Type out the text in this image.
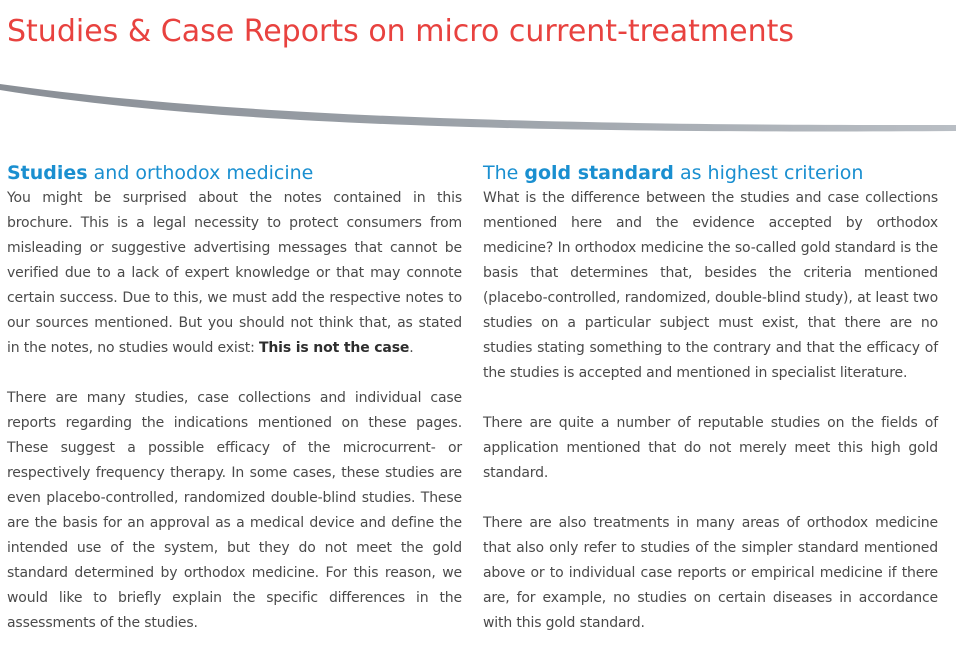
Studies & Case Reports on micro current-treatments
Studies and orthodox medicine

You might be surprised about the notes contained in this brochure. This is a legal necessity to protect consumers from misleading or suggestive advertising messages that cannot be verified due to a lack of expert knowledge or that may connote certain success. Due to this, we must add the respective notes to our sources mentioned. But you should not think that, as stated in the notes, no studies would exist: This is not the case.

There are many studies, case collections and individual case reports regarding the indications mentioned on these pages. These suggest a possible efficacy of the microcurrent- or respectively frequency therapy. In some cases, these studies are even placebo-controlled, randomized double-blind studies. These are the basis for an approval as a medical device and define the intended use of the system, but they do not meet the gold standard determined by orthodox medicine. For this reason, we would like to briefly explain the specific differences in the assessments of the studies.

The gold standard as highest criterion

What is the difference between the studies and case collections mentioned here and the evidence accepted by orthodox medicine? In orthodox medicine the so-called gold standard is the basis that determines that, besides the criteria mentioned (placebo-controlled, randomized, double-blind study), at least two studies on a particular subject must exist, that there are no studies stating something to the contrary and that the efficacy of the studies is accepted and mentioned in specialist literature.

There are quite a number of reputable studies on the fields of application mentioned that do not merely meet this high gold standard.

There are also treatments in many areas of orthodox medicine that also only refer to studies of the simpler standard mentioned above or to individual case reports or empirical medicine if there are, for example, no studies on certain diseases in accordance with this gold standard.
